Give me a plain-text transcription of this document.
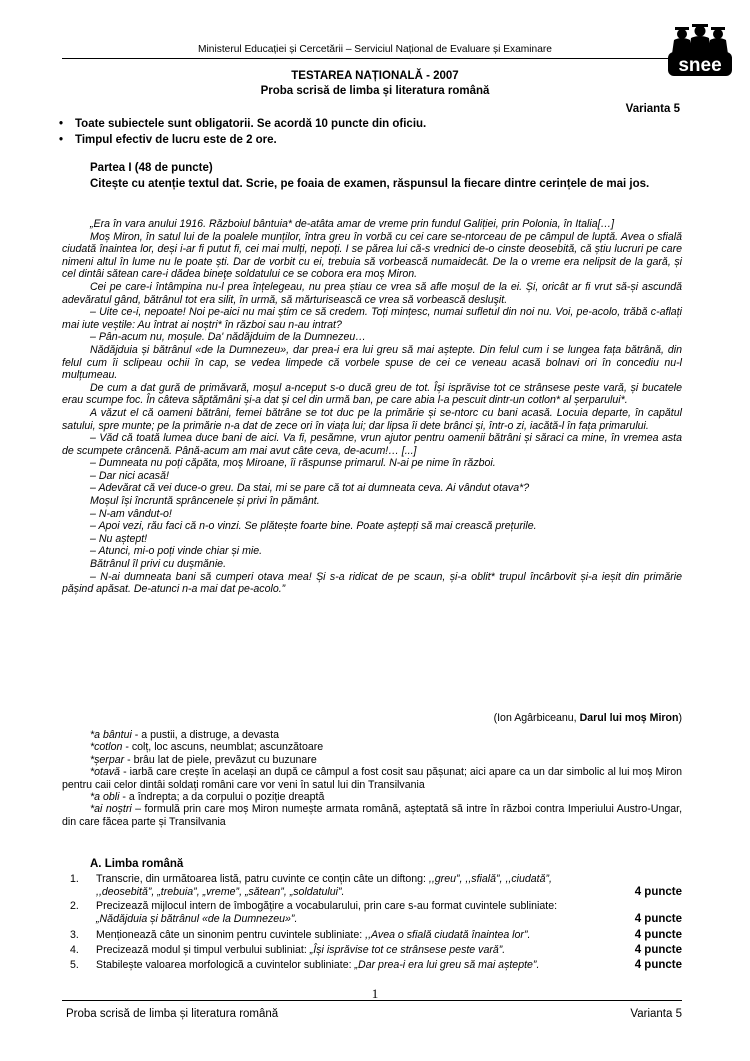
Ministerul Educației și Cercetării – Serviciul Național de Evaluare și Examinare
snee
TESTAREA NAȚIONALĂ - 2007
Proba scrisă de limba și literatura română
Varianta 5
• Toate subiectele sunt obligatorii. Se acordă 10 puncte din oficiu.
• Timpul efectiv de lucru este de 2 ore.
Partea I (48 de puncte)
Citește cu atenție textul dat. Scrie, pe foaia de examen, răspunsul la fiecare dintre cerințele de mai jos.

„Era în vara anului 1916. Războiul bântuia* de-atâta amar de vreme prin fundul Galiției, prin Polonia, în Italia[…]

Moș Miron, în satul lui de la poalele munților, întra greu în vorbă cu cei care se-ntorceau de pe câmpul de luptă. Avea o sfială ciudată înaintea lor, deși i-ar fi putut fi, cei mai mulți, nepoți. I se părea lui că-s vrednici de-o cinste deosebită, că știu lucruri pe care nimeni altul în lume nu le poate ști. Dar de vorbit cu ei, trebuia să vorbească numaidecât. De la o vreme era nelipsit de la gară, și cel dintâi sătean care-i dădea bineţe soldatului ce se cobora era moș Miron.

Cei pe care-i întâmpina nu-l prea înțelegeau, nu prea știau ce vrea să afle moșul de la ei. Și, oricât ar fi vrut să-și ascundă adevăratul gând, bătrânul tot era silit, în urmă, să mărturisească ce vrea să vorbească desluşit.

– Uite ce-i, nepoate! Noi pe-aici nu mai știm ce să credem. Toți mințesc, numai sufletul din noi nu. Voi, pe-acolo, trăbă c-aflați mai iute veștile: Au întrat ai noștri* în război sau n-au intrat?

– Pân-acum nu, moșule. Da' nădăjduim de la Dumnezeu…

Nădăjduia și bătrânul «de la Dumnezeu», dar prea-i era lui greu să mai aștepte. Din felul cum i se lungea fața bătrână, din felul cum îi sclipeau ochii în cap, se vedea limpede că vorbele spuse de cei ce veneau acasă bolnavi ori în concediu nu-l mulțumeau.

De cum a dat gură de primăvară, moșul a-nceput s-o ducă greu de tot. Își isprăvise tot ce strânsese peste vară, și bucatele erau scumpe foc. În câteva săptămâni și-a dat și cel din urmă ban, pe care abia l-a pescuit dintr-un cotlon* al șerparului*.

A văzut el că oameni bătrâni, femei bătrâne se tot duc pe la primărie și se-ntorc cu bani acasă. Locuia departe, în capătul satului, spre munte; pe la primărie n-a dat de zece ori în viața lui; dar lipsa îi dete brânci și, într-o zi, iacătă-l în fața primarului.

– Văd că toată lumea duce bani de aici. Va fi, pesămne, vrun ajutor pentru oamenii bătrâni și săraci ca mine, în vremea asta de scumpete crâncenă. Până-acum am mai avut câte ceva, de-acum!… [...]

– Dumneata nu poți căpăta, moș Miroane, îi răspunse primarul. N-ai pe nime în război.

– Dar nici acasă!

– Adevărat că vei duce-o greu. Da stai, mi se pare că tot ai dumneata ceva. Ai vândut otava*?

Moșul își încruntă sprâncenele și privi în pământ.

– N-am vândut-o!

– Apoi vezi, rău faci că n-o vinzi. Se plătește foarte bine. Poate aștepți să mai crească prețurile.

– Nu aștept!

– Atunci, mi-o poți vinde chiar și mie.

Bătrânul îl privi cu dușmănie.

– N-ai dumneata bani să cumperi otava mea! Și s-a ridicat de pe scaun, și-a oblit* trupul încârbovit și-a ieșit din primărie pășind apăsat. De-atunci n-a mai dat pe-acolo.”

(Ion Agârbiceanu, Darul lui moș Miron)

*a bântui - a pustii, a distruge, a devasta

*cotlon - colț, loc ascuns, neumblat; ascunzătoare

*șerpar - brâu lat de piele, prevăzut cu buzunare

*otavă - iarbă care crește în același an după ce câmpul a fost cosit sau pășunat; aici apare ca un dar simbolic al lui moș Miron pentru caii celor dintâi soldați români care vor veni în satul lui din Transilvania

*a obli - a îndrepta; a da corpului o poziție dreaptă

*ai noștri – formulă prin care moș Miron numește armata română, așteptată să intre în război contra Imperiului Austro-Ungar, din care făcea parte și Transilvania

A. Limba română
1. Transcrie, din următoarea listă, patru cuvinte ce conțin câte un diftong: ,,greu”, ,,sfială”, ,,ciudată”, ,,deosebită”, „trebuia”, „vreme”, „sătean”, „soldatului”.	4 puncte
2. Precizează mijlocul intern de îmbogățire a vocabularului, prin care s-au format cuvintele subliniate: „Nădăjduia și bătrânul «de la Dumnezeu»”.	4 puncte
3. Menționează câte un sinonim pentru cuvintele subliniate: ,,Avea o sfială ciudată înaintea lor”.	4 puncte
4. Precizează modul și timpul verbului subliniat: „Își isprăvise tot ce strânsese peste vară”.	4 puncte
1
Proba scrisă de limba și literatura română	Varianta 5
5. Stabilește valoarea morfologică a cuvintelor subliniate: „Dar prea-i era lui greu să mai aștepte”.	4 puncte
